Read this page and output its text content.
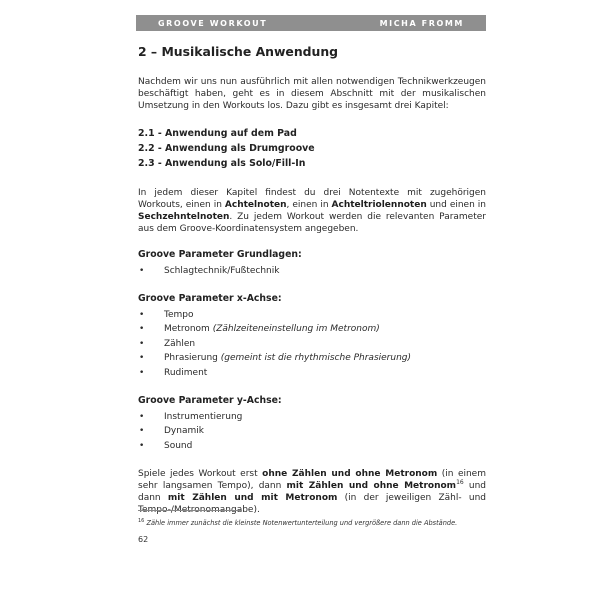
GROOVE WORKOUT	MICHA FROMM
2 – Musikalische Anwendung

Nachdem wir uns nun ausführlich mit allen notwendigen Technikwerkzeugen beschäftigt haben, geht es in diesem Abschnitt mit der musikalischen Umsetzung in den Workouts los. Dazu gibt es insgesamt drei Kapitel:

2.1 - Anwendung auf dem Pad
2.2 - Anwendung als Drumgroove
2.3 - Anwendung als Solo/Fill-In

In jedem dieser Kapitel findest du drei Notentexte mit zugehörigen Workouts, einen in Achtelnoten, einen in Achteltriolennoten und einen in Sechzehntelnoten. Zu jedem Workout werden die relevanten Parameter aus dem Groove-Koordinatensystem angegeben.

Groove Parameter Grundlagen:
• Schlagtechnik/Fußtechnik
Groove Parameter x-Achse:
• Tempo
• Metronom (Zählzeiteneinstellung im Metronom)
• Zählen
• Phrasierung (gemeint ist die rhythmische Phrasierung)
• Rudiment
Groove Parameter y-Achse:
• Instrumentierung
• Dynamik
• Sound

Spiele jedes Workout erst ohne Zählen und ohne Metronom (in einem sehr langsamen Tempo), dann mit Zählen und ohne Metronom$^{16}$ und dann mit Zählen und mit Metronom (in der jeweiligen Zähl- und Tempo-/Metronomangabe).

$^{16}$ Zähle immer zunächst die kleinste Notenwertunterteilung und vergrößere dann die Abstände.
62
